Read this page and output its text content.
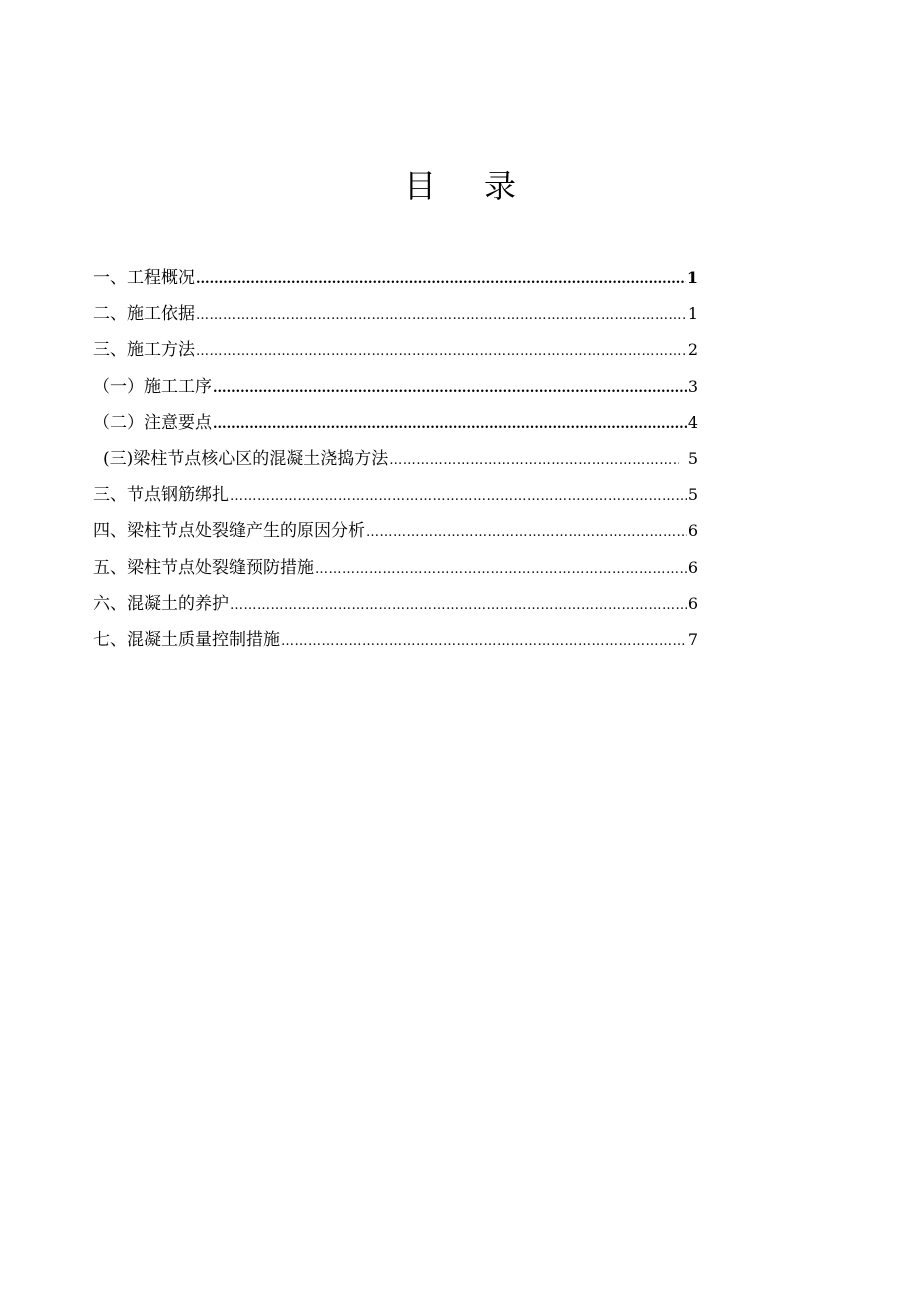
目 录
一、工程概况 .....	1
二、施工依据 …………………………………………………………………………………………………………………………………………………………………………………………………	1
三、施工方法 …………………………………………………………………………………………………………………………………………………………………………………………………	2
（一）施工工序 .....	3
（二）注意要点 .....	4
(三)梁柱节点核心区的混凝土浇捣方法 …………………………………………………………………………………………………………………………………………………………………………………………………	5
三、节点钢筋绑扎 …………………………………………………………………………………………………………………………………………………………………………………………………	5
四、梁柱节点处裂缝产生的原因分析 …………………………………………………………………………………………………………………………………………………………………………………………………	6
五、梁柱节点处裂缝预防措施 …………………………………………………………………………………………………………………………………………………………………………………………………	6
六、混凝土的养护 …………………………………………………………………………………………………………………………………………………………………………………………………	6
七、混凝土质量控制措施 …………………………………………………………………………………………………………………………………………………………………………………………………	7
